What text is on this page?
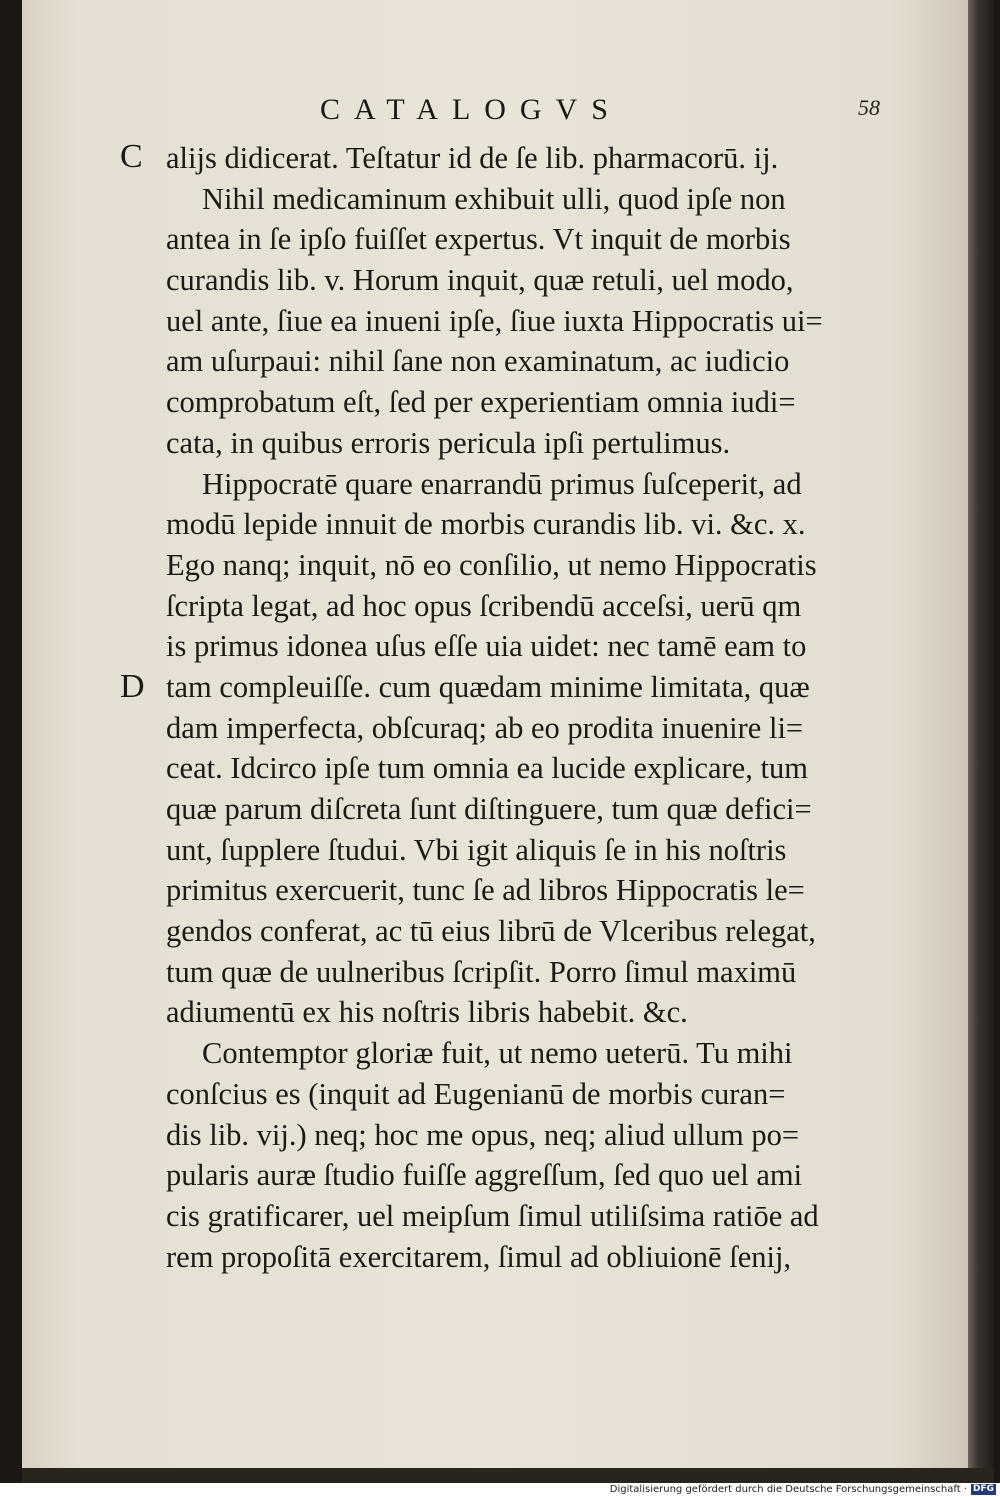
CATALOGVS	58
C
D
alijs didicerat. Teſtatur id de ſe lib. pharmacorū. ij.
Nihil medicaminum exhibuit ulli, quod ipſe non
antea in ſe ipſo fuiſſet expertus. Vt inquit de morbis
curandis lib. v. Horum inquit, quæ retuli, uel modo,
uel ante, ſiue ea inueni ipſe, ſiue iuxta Hippocratis ui=
am uſurpaui: nihil ſane non examinatum, ac iudicio
comprobatum eſt, ſed per experientiam omnia iudi=
cata, in quibus erroris pericula ipſi pertulimus.
Hippocratē quare enarrandū primus ſuſceperit, ad
modū lepide innuit de morbis curandis lib. vi. &c. x.
Ego nanq; inquit, nō eo conſilio, ut nemo Hippocratis
ſcripta legat, ad hoc opus ſcribendū acceſsi, uerū qm
is primus idonea uſus eſſe uia uidet: nec tamē eam to
tam compleuiſſe. cum quædam minime limitata, quæ
dam imperfecta, obſcuraq; ab eo prodita inuenire li=
ceat. Idcirco ipſe tum omnia ea lucide explicare, tum
quæ parum diſcreta ſunt diſtinguere, tum quæ defici=
unt, ſupplere ſtudui. Vbi igit aliquis ſe in his noſtris
primitus exercuerit, tunc ſe ad libros Hippocratis le=
gendos conferat, ac tū eius librū de Vlceribus relegat,
tum quæ de uulneribus ſcripſit. Porro ſimul maximū
adiumentū ex his noſtris libris habebit. &c.
Contemptor gloriæ fuit, ut nemo ueterū. Tu mihi
conſcius es (inquit ad Eugenianū de morbis curan=
dis lib. vij.) neq; hoc me opus, neq; aliud ullum po=
pularis auræ ſtudio fuiſſe aggreſſum, ſed quo uel ami
cis gratificarer, uel meipſum ſimul utiliſsima ratiōe ad
rem propoſitā exercitarem, ſimul ad obliuionē ſenij,
Digitalisierung gefördert durch die Deutsche Forschungsgemeinschaft · DFG
